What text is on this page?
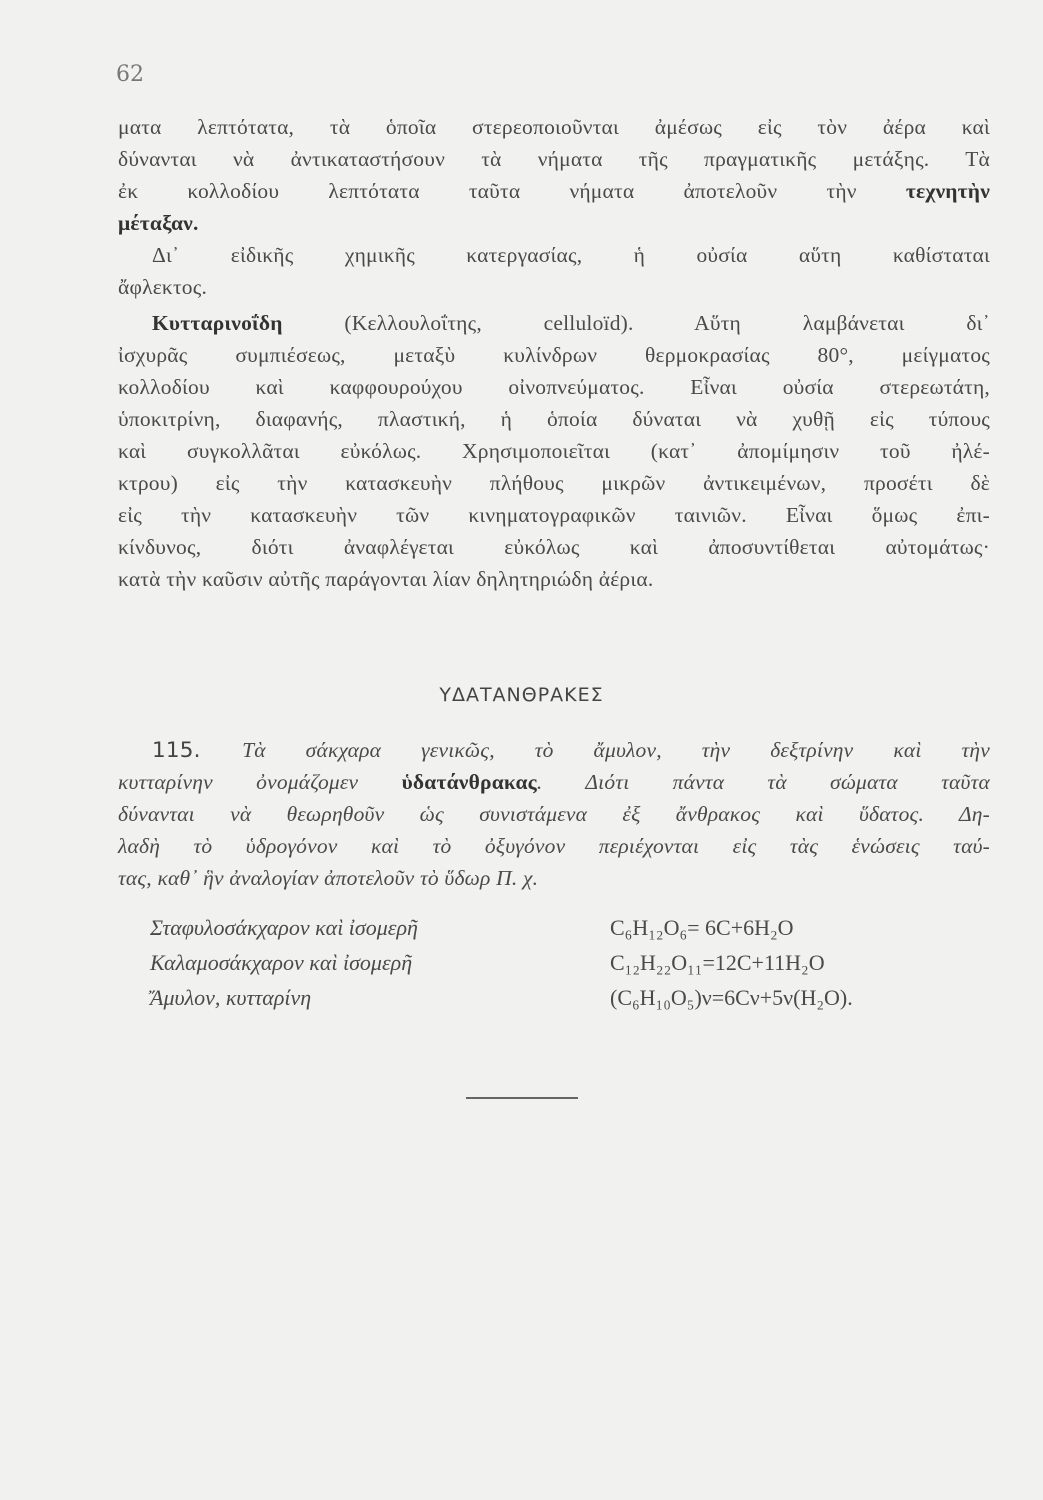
62
ματα λεπτότατα, τὰ ὁποῖα στερεοποιοῦνται ἀμέσως εἰς τὸν ἀέρα καὶ
δύνανται νὰ ἀντικαταστήσουν τὰ νήματα τῆς πραγματικῆς μετάξης. Τὰ
ἐκ κολλοδίου λεπτότατα ταῦτα νήματα ἀποτελοῦν τὴν τεχνητὴν
μέταξαν.
Δι᾽ εἰδικῆς χημικῆς κατεργασίας, ἡ οὐσία αὕτη καθίσταται
ἄφλεκτος.
Κυτταρινοΐδη (Κελλουλοΐτης, celluloïd). Αὕτη λαμβάνεται δι᾽
ἰσχυρᾶς συμπιέσεως, μεταξὺ κυλίνδρων θερμοκρασίας 80°, μείγματος
κολλοδίου καὶ καφφουρούχου οἰνοπνεύματος. Εἶναι οὐσία στερεωτάτη,
ὑποκιτρίνη, διαφανής, πλαστική, ἡ ὁποία δύναται νὰ χυθῇ εἰς τύπους
καὶ συγκολλᾶται εὐκόλως. Χρησιμοποιεῖται (κατ᾽ ἀπομίμησιν τοῦ ἠλέ-
κτρου) εἰς τὴν κατασκευὴν πλήθους μικρῶν ἀντικειμένων, προσέτι δὲ
εἰς τὴν κατασκευὴν τῶν κινηματογραφικῶν ταινιῶν. Εἶναι ὅμως ἐπι-
κίνδυνος, διότι ἀναφλέγεται εὐκόλως καὶ ἀποσυντίθεται αὐτομάτως·
κατὰ τὴν καῦσιν αὐτῆς παράγονται λίαν δηλητηριώδη ἀέρια.
ΥΔΑΤΑΝΘΡΑΚΕΣ
115. Τὰ σάκχαρα γενικῶς, τὸ ἄμυλον, τὴν δεξτρίνην καὶ τὴν
κυτταρίνην ὀνομάζομεν ὑδατάνθρακας. Διότι πάντα τὰ σώματα ταῦτα
δύνανται νὰ θεωρηθοῦν ὡς συνιστάμενα ἐξ ἄνθρακος καὶ ὕδατος. Δη-
λαδὴ τὸ ὑδρογόνον καὶ τὸ ὀξυγόνον περιέχονται εἰς τὰς ἑνώσεις ταύ-
τας, καθ᾽ ἣν ἀναλογίαν ἀποτελοῦν τὸ ὕδωρ Π. χ.
Σταφυλοσάκχαρον καὶ ἰσομερῆ	C₆H₁₂O₆= 6C+6H₂O
Καλαμοσάκχαρον καὶ ἰσομερῆ	C₁₂H₂₂O₁₁=12C+11H₂O
Ἄμυλον, κυτταρίνη	(C₆H₁₀O₅)ν=6Cν+5ν(H₂O).
